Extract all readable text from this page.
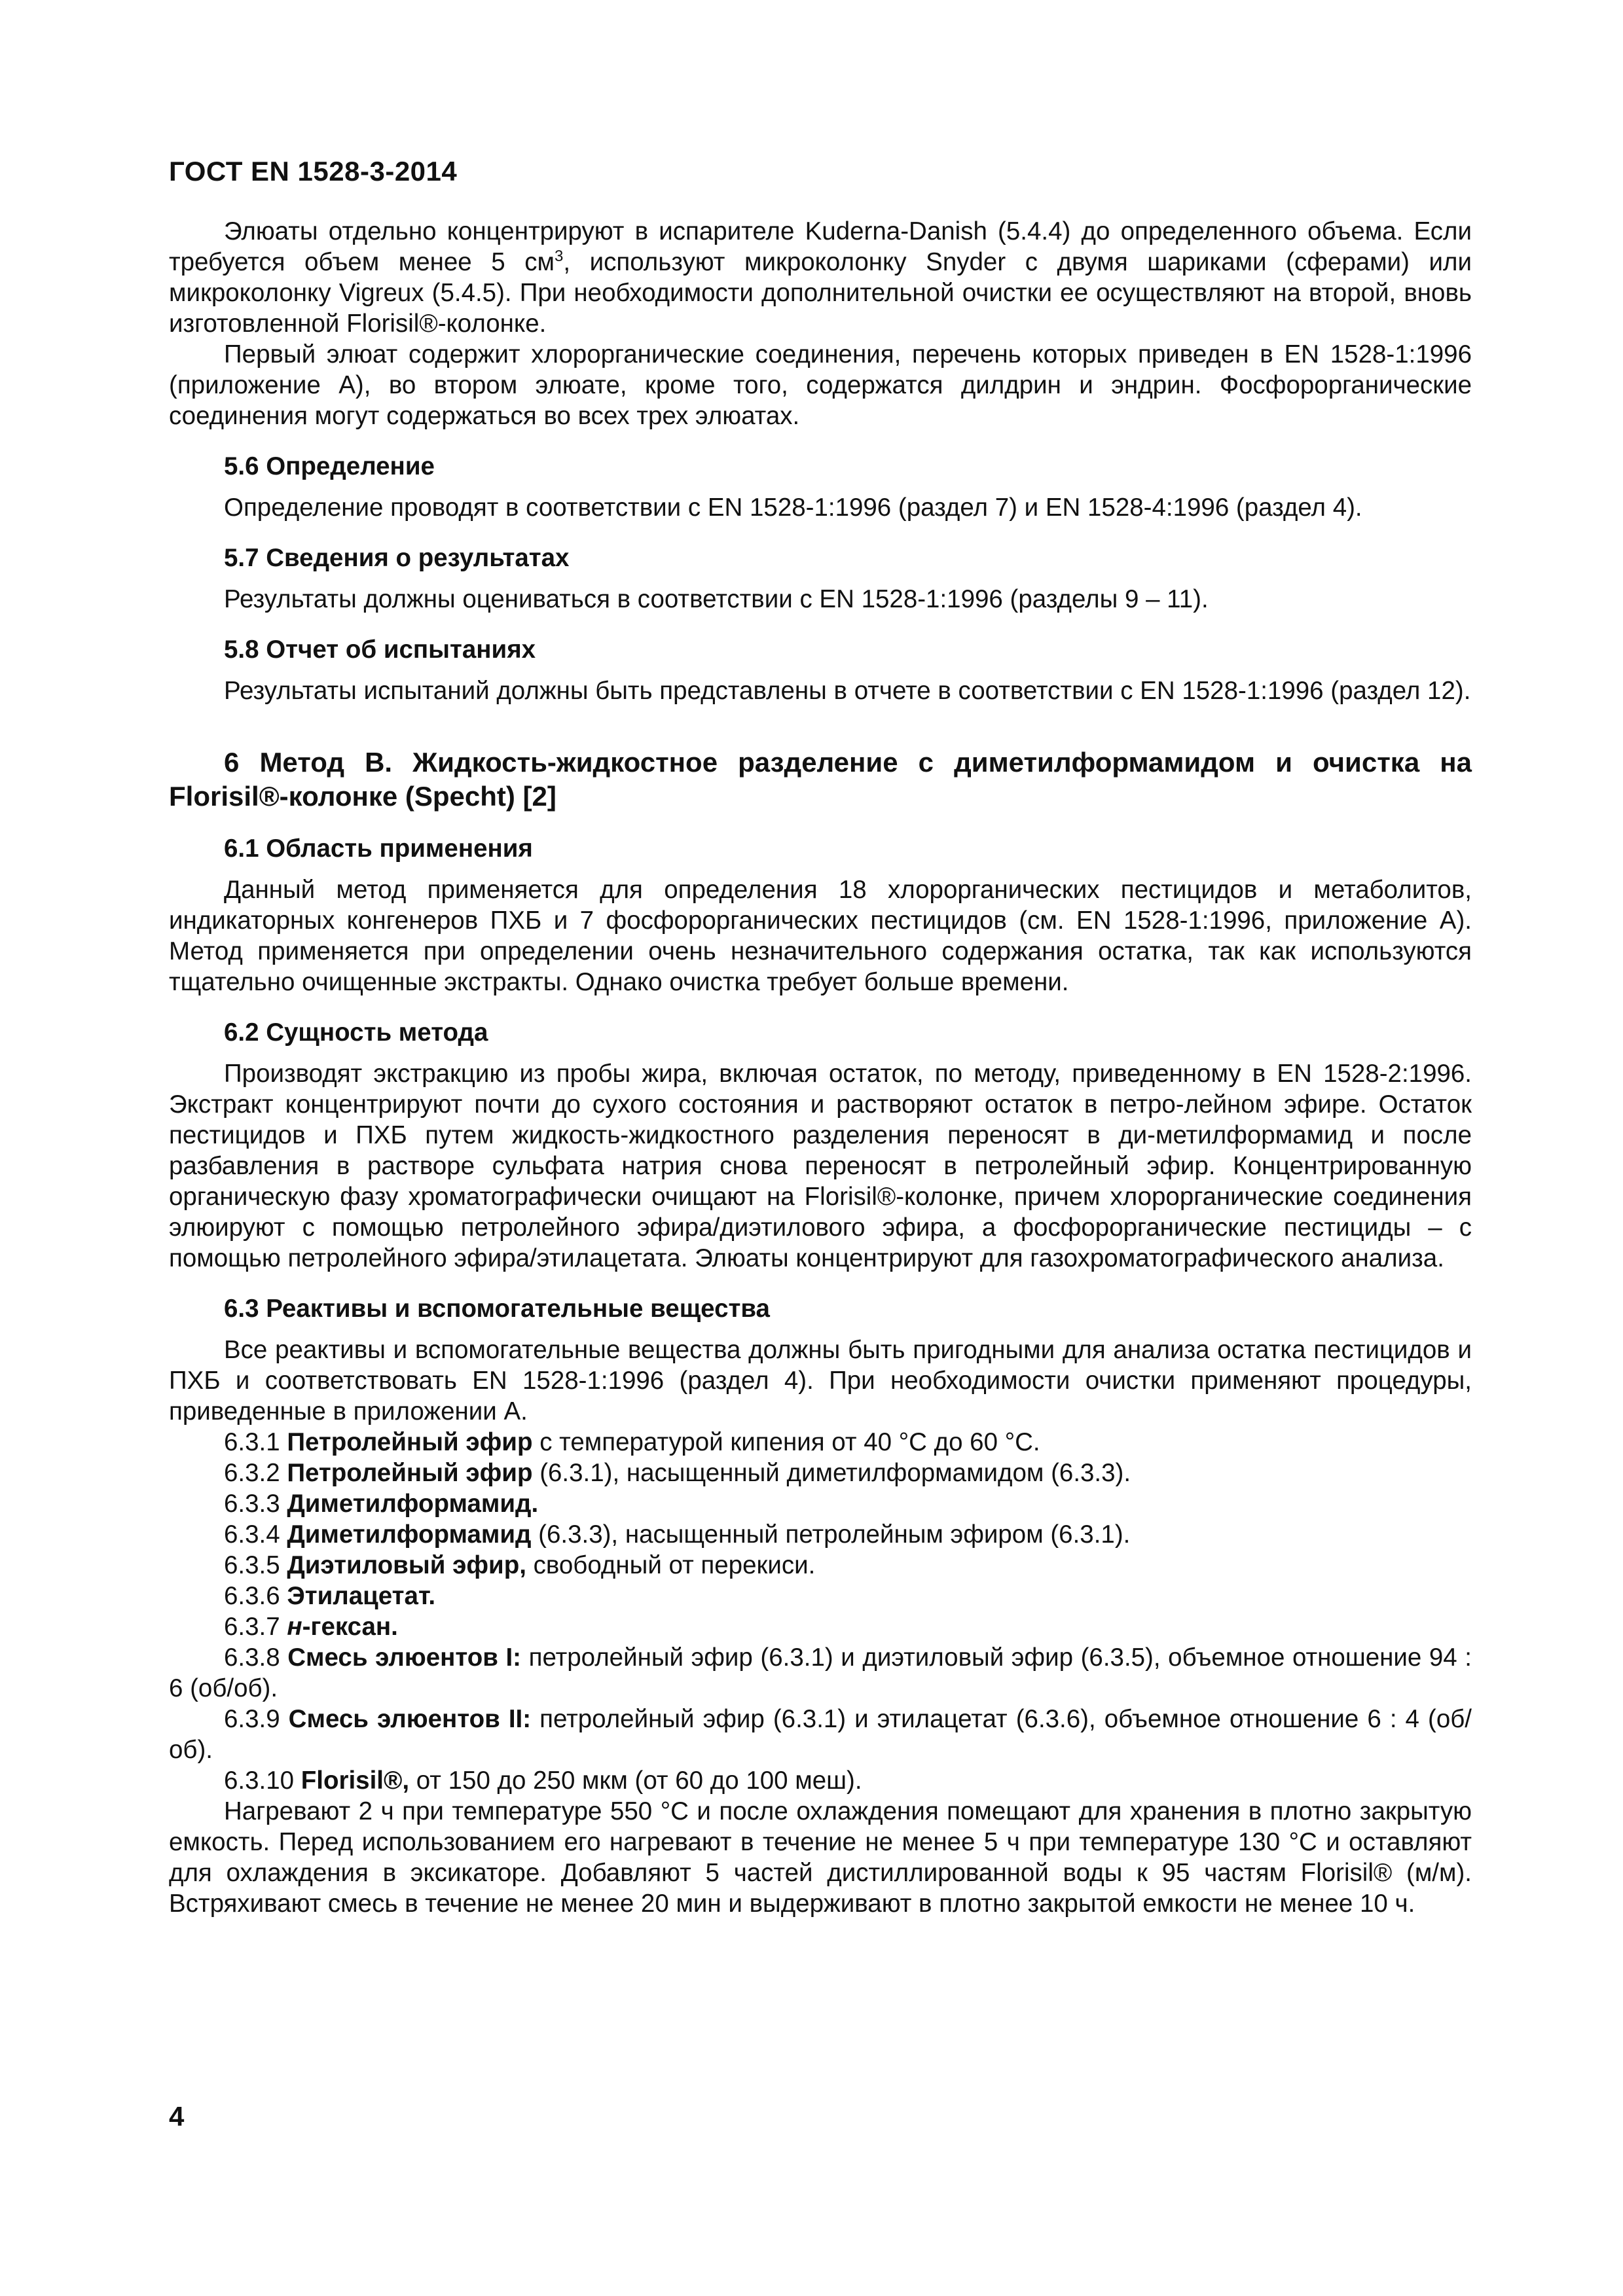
ГОСТ EN 1528-3-2014

Элюаты отдельно концентрируют в испарителе Kuderna-Danish (5.4.4) до определенного объема. Если требуется объем менее 5 $см^3$, используют микроколонку Snyder с двумя шариками (сферами) или микроколонку Vigreux (5.4.5). При необходимости дополнительной очистки ее осуществляют на второй, вновь изготовленной Florisil®-колонке.

Первый элюат содержит хлорорганические соединения, перечень которых приведен в EN 1528-1:1996 (приложение А), во втором элюате, кроме того, содержатся дилдрин и эндрин. Фосфорорганические соединения могут содержаться во всех трех элюатах.

5.6 Определение

Определение проводят в соответствии с EN 1528-1:1996 (раздел 7) и EN 1528-4:1996 (раздел 4).

5.7 Сведения о результатах

Результаты должны оцениваться в соответствии с EN 1528-1:1996 (разделы 9 – 11).

5.8 Отчет об испытаниях

Результаты испытаний должны быть представлены в отчете в соответствии с EN 1528-1:1996 (раздел 12).

6 Метод В. Жидкость-жидкостное разделение с диметилформамидом и очистка на Florisil®-колонке (Specht) [2]
6.1 Область применения

Данный метод применяется для определения 18 хлорорганических пестицидов и метаболитов, индикаторных конгенеров ПХБ и 7 фосфорорганических пестицидов (см. EN 1528-1:1996, приложение А). Метод применяется при определении очень незначительного содержания остатка, так как используются тщательно очищенные экстракты. Однако очистка требует больше времени.

6.2 Сущность метода

Производят экстракцию из пробы жира, включая остаток, по методу, приведенному в EN 1528-2:1996. Экстракт концентрируют почти до сухого состояния и растворяют остаток в петро-лейном эфире. Остаток пестицидов и ПХБ путем жидкость-жидкостного разделения переносят в ди-метилформамид и после разбавления в растворе сульфата натрия снова переносят в петролейный эфир. Концентрированную органическую фазу хроматографически очищают на Florisil®-колонке, причем хлорорганические соединения элюируют с помощью петролейного эфира/диэтилового эфира, а фосфорорганические пестициды – с помощью петролейного эфира/этилацетата. Элюаты концентрируют для газохроматографического анализа.

6.3 Реактивы и вспомогательные вещества

Все реактивы и вспомогательные вещества должны быть пригодными для анализа остатка пестицидов и ПХБ и соответствовать EN 1528-1:1996 (раздел 4). При необходимости очистки применяют процедуры, приведенные в приложении А.

6.3.1 Петролейный эфир с температурой кипения от 40 °С до 60 °С.

6.3.2 Петролейный эфир (6.3.1), насыщенный диметилформамидом (6.3.3).

6.3.3 Диметилформамид.

6.3.4 Диметилформамид (6.3.3), насыщенный петролейным эфиром (6.3.1).

6.3.5 Диэтиловый эфир, свободный от перекиси.

6.3.6 Этилацетат.

6.3.7 н-гексан.

6.3.8 Смесь элюентов I: петролейный эфир (6.3.1) и диэтиловый эфир (6.3.5), объемное отношение 94 : 6 (об/об).

6.3.9 Смесь элюентов II: петролейный эфир (6.3.1) и этилацетат (6.3.6), объемное отношение 6 : 4 (об/об).

6.3.10 Florisil®, от 150 до 250 мкм (от 60 до 100 меш).

Нагревают 2 ч при температуре 550 °С и после охлаждения помещают для хранения в плотно закрытую емкость. Перед использованием его нагревают в течение не менее 5 ч при температуре 130 °С и оставляют для охлаждения в эксикаторе. Добавляют 5 частей дистиллированной воды к 95 частям Florisil® (м/м). Встряхивают смесь в течение не менее 20 мин и выдерживают в плотно закрытой емкости не менее 10 ч.

4
